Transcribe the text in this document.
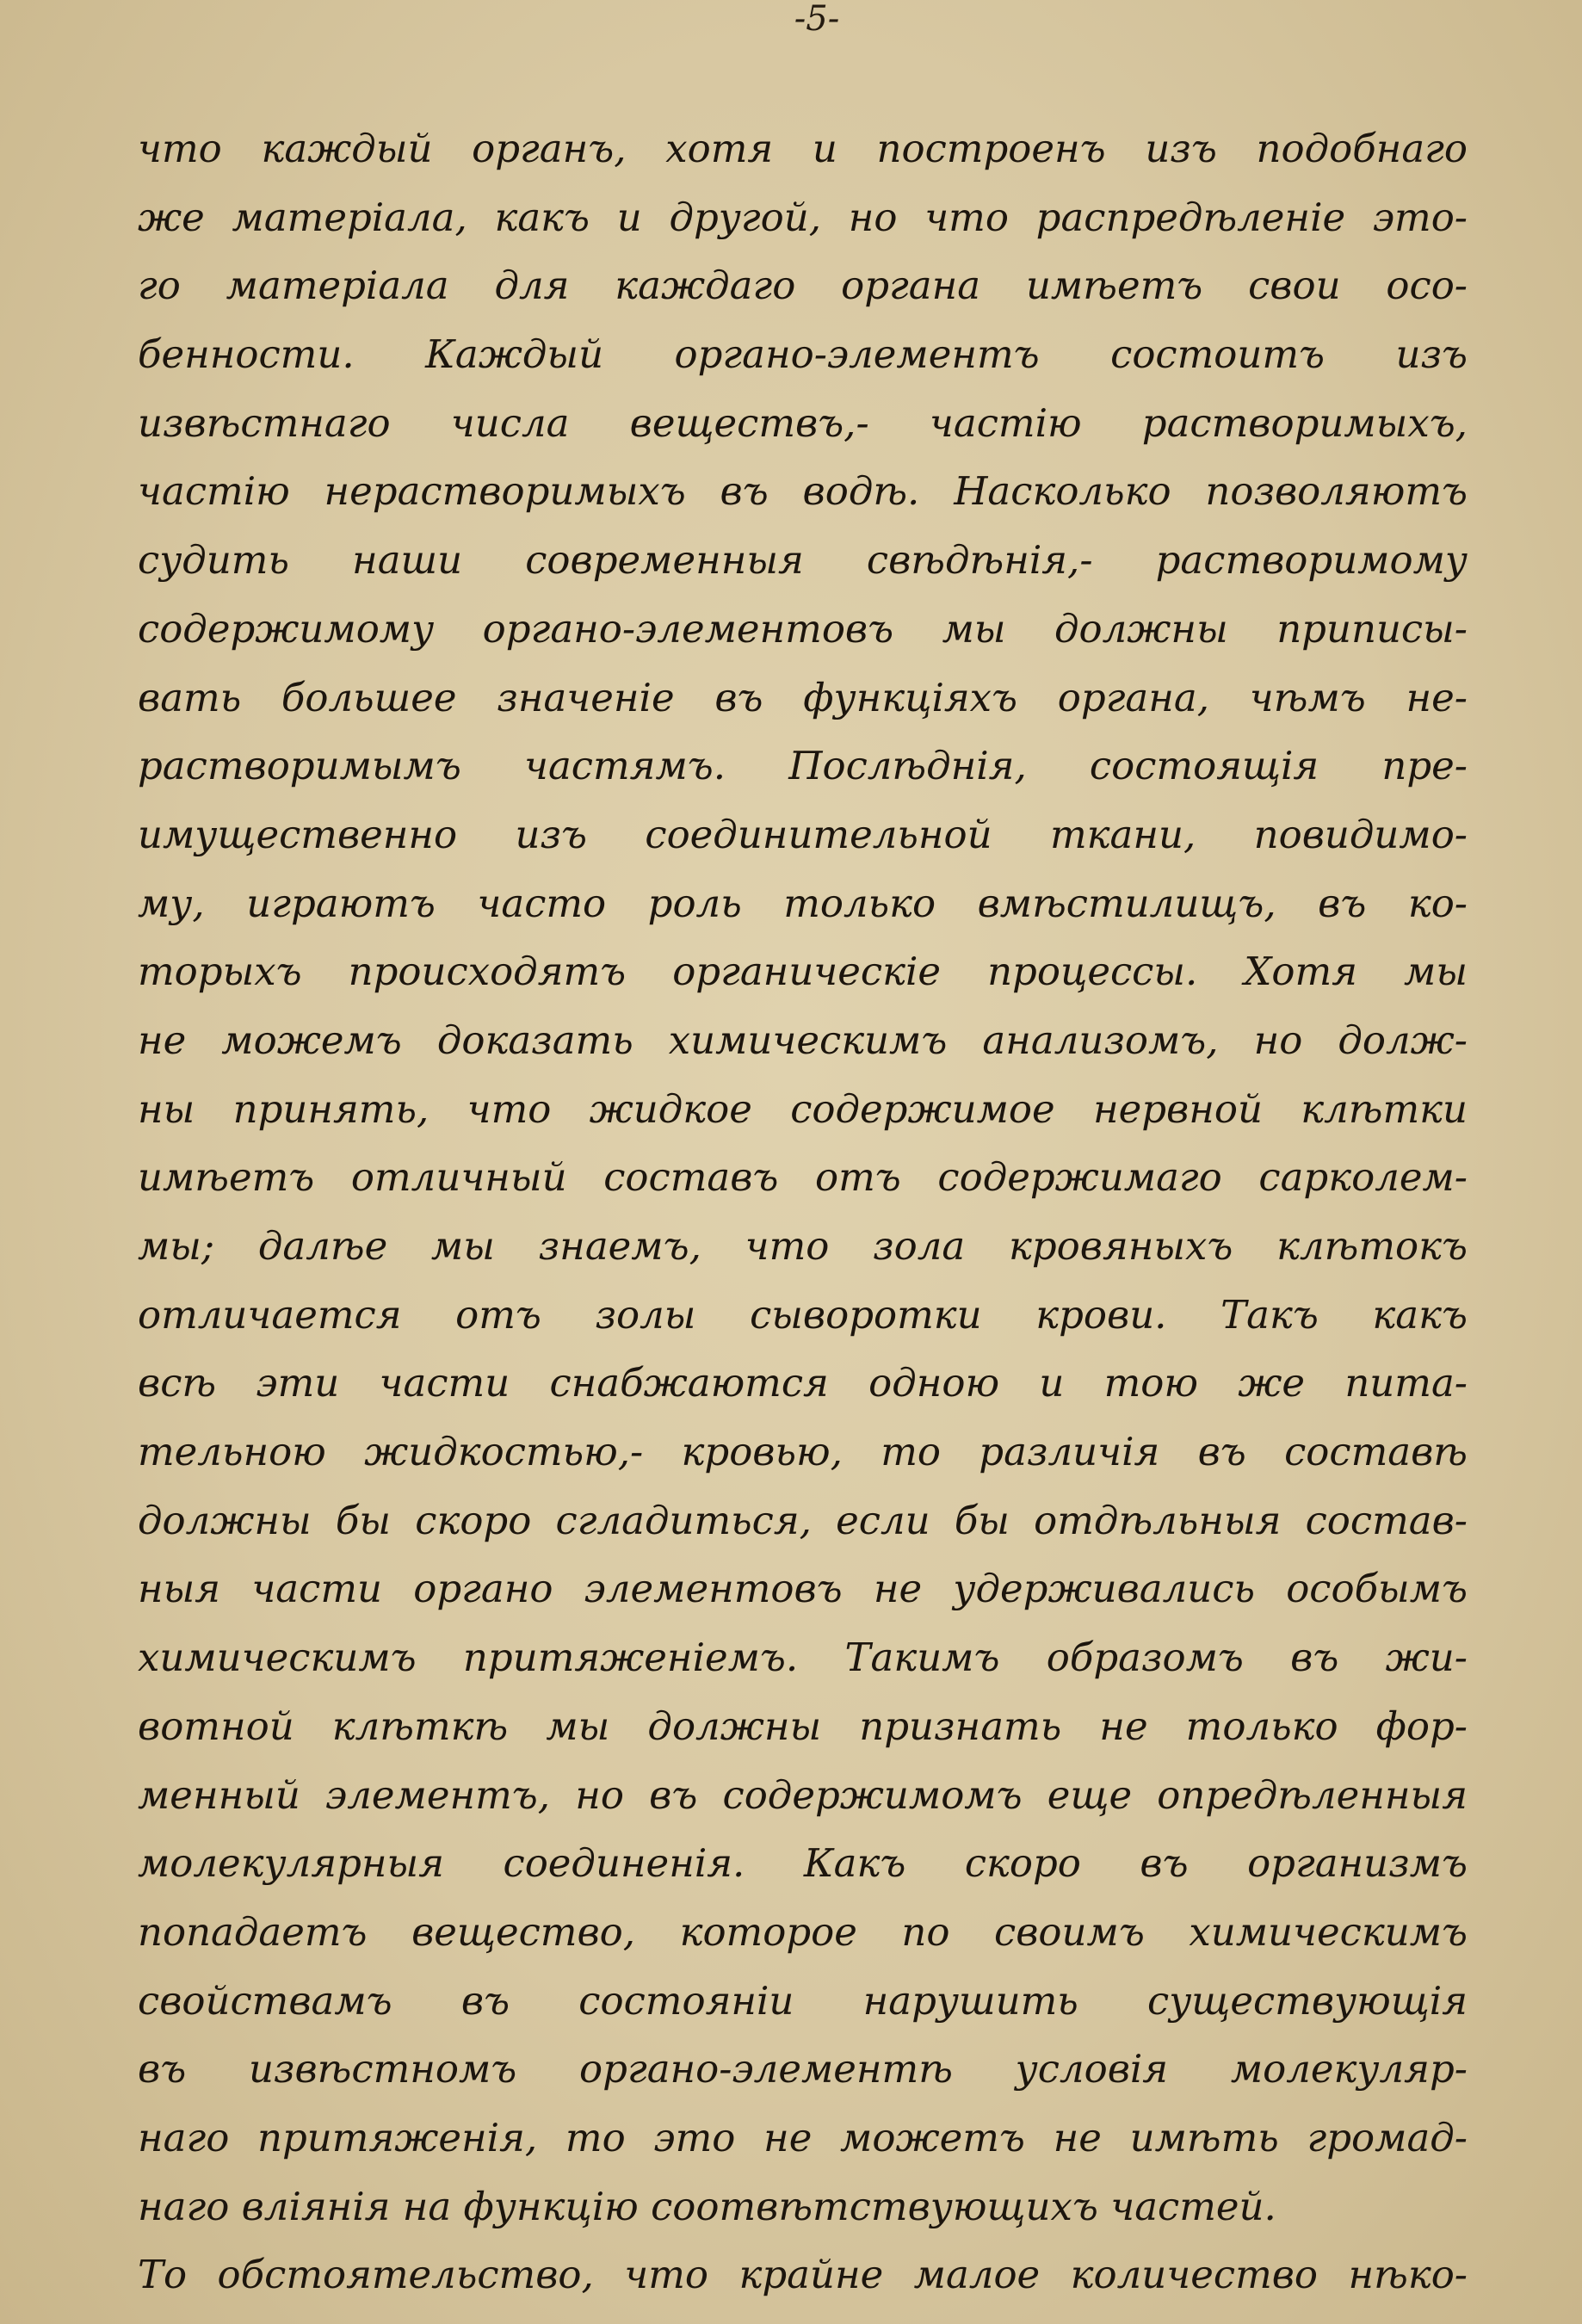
-5-
что каждый органъ, хотя и построенъ изъ подобнаго
же матеріала, какъ и другой, но что распредѣленіе это-
го матеріала для каждаго органа имѣетъ свои осо-
бенности. Каждый органо-элементъ состоитъ изъ
извѣстнаго числа веществъ,- частію растворимыхъ,
частію нерастворимыхъ въ водѣ. Насколько позволяютъ
судить наши современныя свѣдѣнія,- растворимому
содержимому органо-элементовъ мы должны приписы-
вать большее значеніе въ функціяхъ органа, чѣмъ не-
растворимымъ частямъ. Послѣднія, состоящія пре-
имущественно изъ соединительной ткани, повидимо-
му, играютъ часто роль только вмѣстилищъ, въ ко-
торыхъ происходятъ органическіе процессы. Хотя мы
не можемъ доказать химическимъ анализомъ, но долж-
ны принять, что жидкое содержимое нервной клѣтки
имѣетъ отличный составъ отъ содержимаго сарколем-
мы; далѣе мы знаемъ, что зола кровяныхъ клѣтокъ
отличается отъ золы сыворотки крови. Такъ какъ
всѣ эти части снабжаются одною и тою же пита-
тельною жидкостью,- кровью, то различія въ составѣ
должны бы скоро сгладиться, если бы отдѣльныя состав-
ныя части органо элементовъ не удерживались особымъ
химическимъ притяженіемъ. Такимъ образомъ въ жи-
вотной клѣткѣ мы должны признать не только фор-
менный элементъ, но въ содержимомъ еще опредѣленныя
молекулярныя соединенія. Какъ скоро въ организмъ
попадаетъ вещество, которое по своимъ химическимъ
свойствамъ въ состояніи нарушить существующія
въ извѣстномъ органо-элементѣ условія молекуляр-
наго притяженія, то это не можетъ не имѣть громад-
наго вліянія на функцію соотвѣтствующихъ частей.
То обстоятельство, что крайне малое количество нѣко-
